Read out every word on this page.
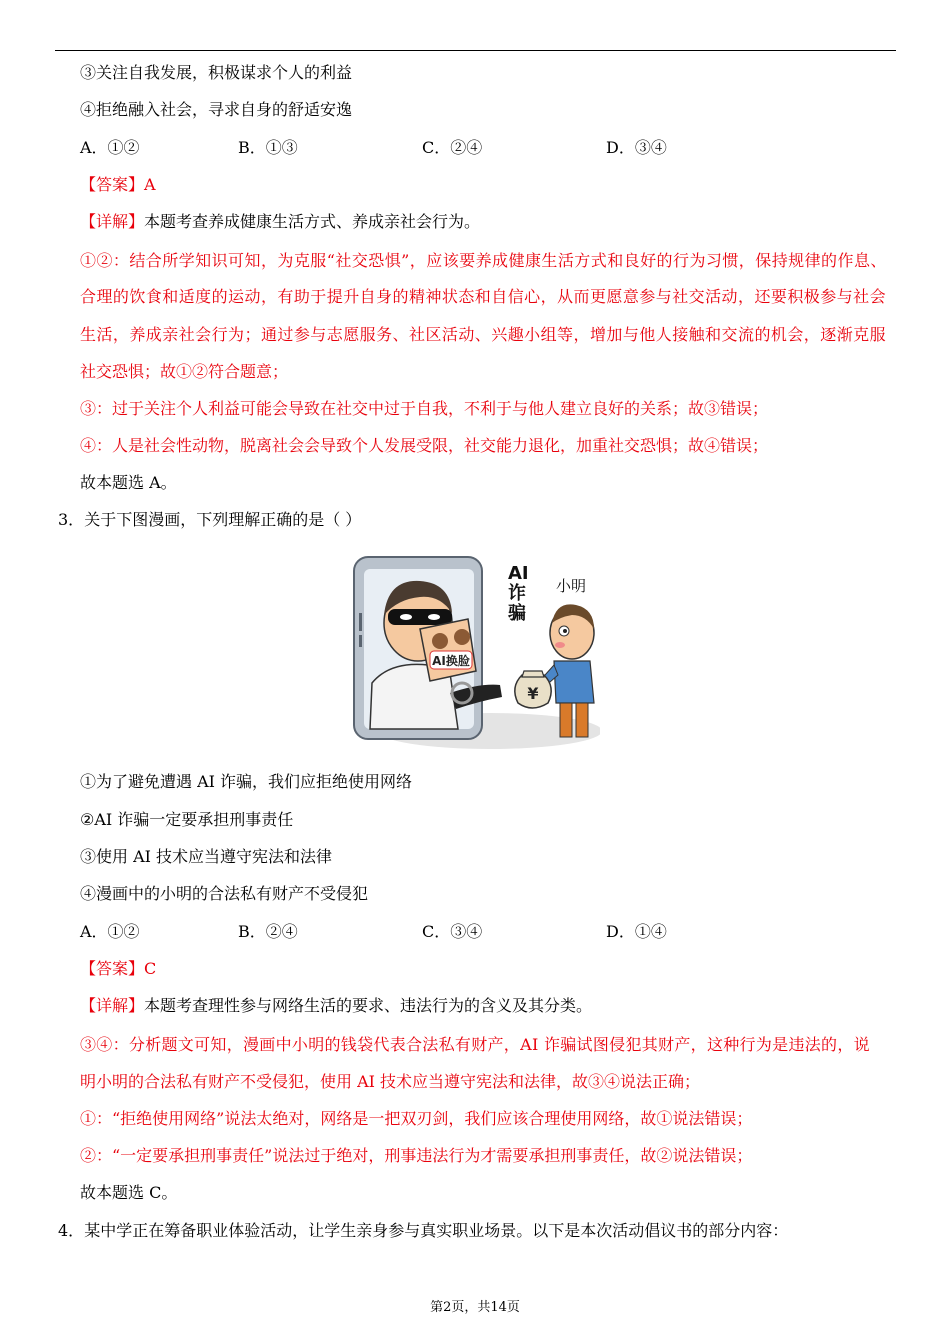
③关注自我发展，积极谋求个人的利益
④拒绝融入社会，寻求自身的舒适安逸
A．①②	B．①③	C．②④	D．③④
【答案】A
【详解】本题考查养成健康生活方式、养成亲社会行为。
①②：结合所学知识可知，为克服“社交恐惧”，应该要养成健康生活方式和良好的行为习惯，保持规律的作息、
合理的饮食和适度的运动，有助于提升自身的精神状态和自信心，从而更愿意参与社交活动，还要积极参与社会
生活，养成亲社会行为；通过参与志愿服务、社区活动、兴趣小组等，增加与他人接触和交流的机会，逐渐克服
社交恐惧；故①②符合题意；
③：过于关注个人利益可能会导致在社交中过于自我，不利于与他人建立良好的关系；故③错误；
④：人是社会性动物，脱离社会会导致个人发展受限，社交能力退化，加重社交恐惧；故④错误；
故本题选 A。
3．关于下图漫画，下列理解正确的是（ ）
AI换脸
AI
诈
骗
小明
¥
①为了避免遭遇 AI 诈骗，我们应拒绝使用网络
②AI 诈骗一定要承担刑事责任
③使用 AI 技术应当遵守宪法和法律
④漫画中的小明的合法私有财产不受侵犯
A．①②	B．②④	C．③④	D．①④
【答案】C
【详解】本题考查理性参与网络生活的要求、违法行为的含义及其分类。
③④：分析题文可知，漫画中小明的钱袋代表合法私有财产，AI 诈骗试图侵犯其财产，这种行为是违法的，说
明小明的合法私有财产不受侵犯，使用 AI 技术应当遵守宪法和法律，故③④说法正确；
①：“拒绝使用网络”说法太绝对，网络是一把双刃剑，我们应该合理使用网络，故①说法错误；
②：“一定要承担刑事责任”说法过于绝对，刑事违法行为才需要承担刑事责任，故②说法错误；
故本题选 C。
4．某中学正在筹备职业体验活动，让学生亲身参与真实职业场景。以下是本次活动倡议书的部分内容：
第2页，共14页
